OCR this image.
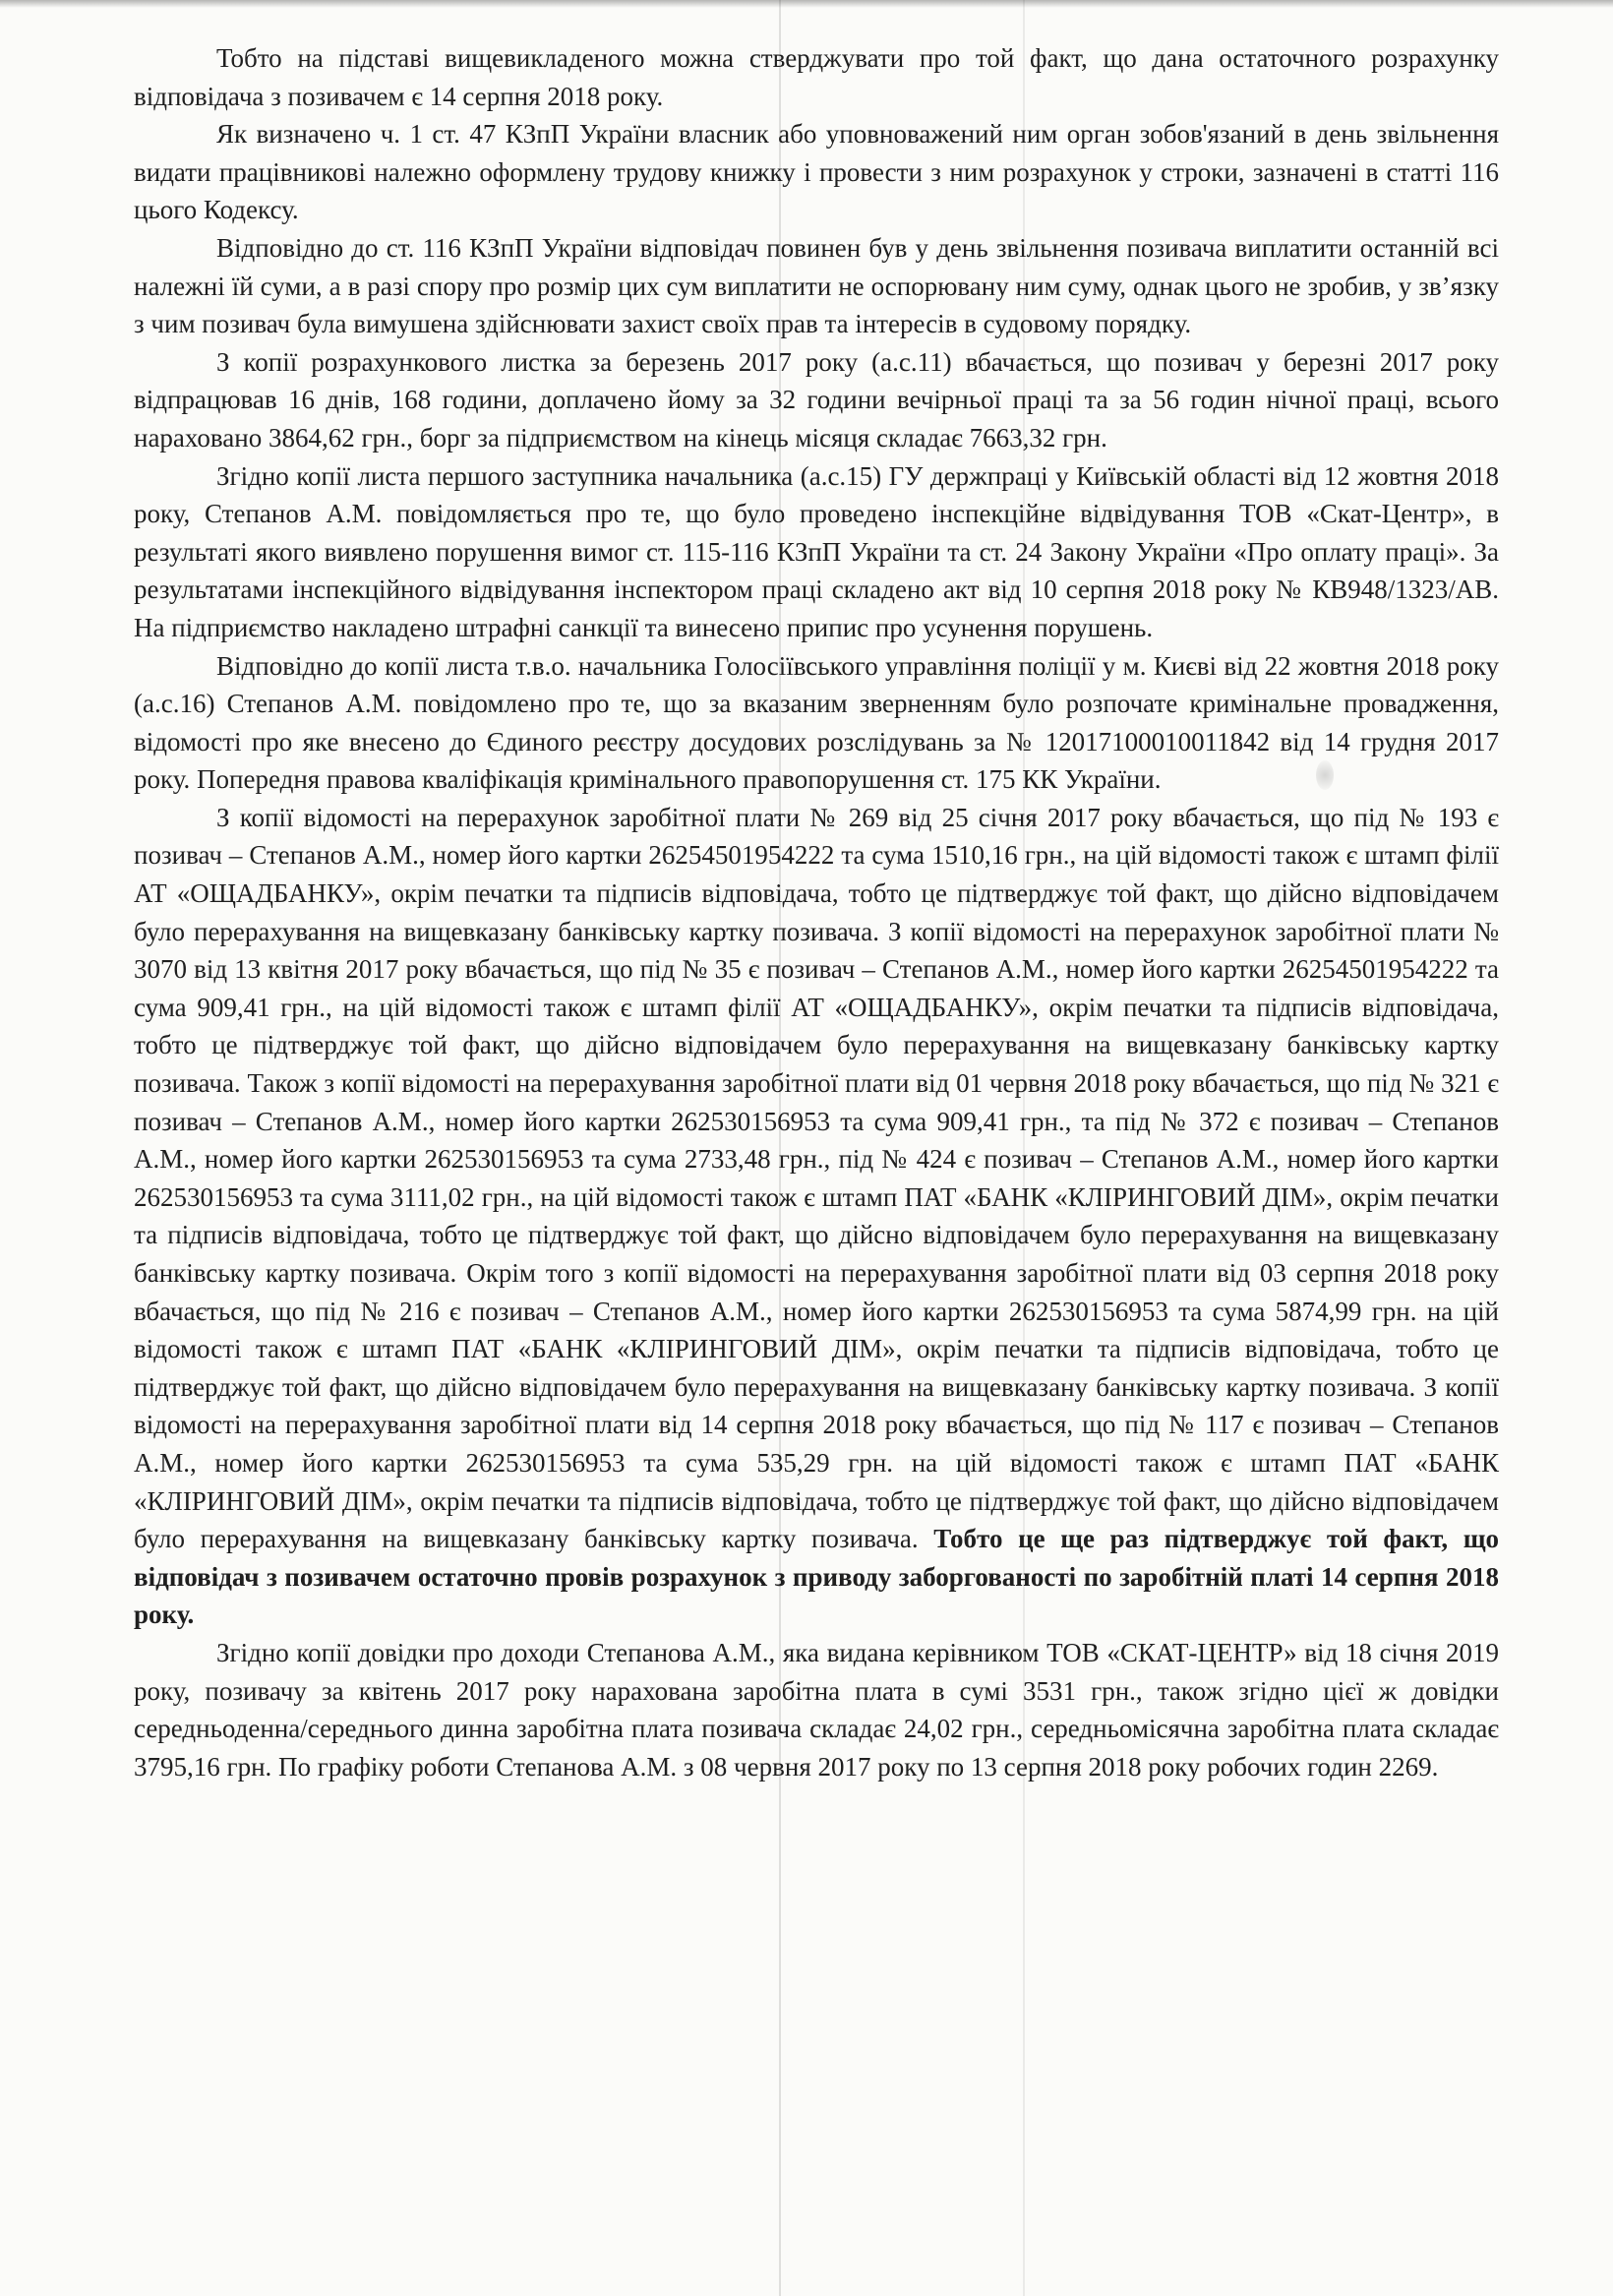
Тобто на підставі вищевикладеного можна стверджувати про той факт, що дана остаточного розрахунку відповідача з позивачем є 14 серпня 2018 року.

Як визначено ч. 1 ст. 47 КЗпП України власник або уповноважений ним орган зобов'язаний в день звільнення видати працівникові належно оформлену трудову книжку і провести з ним розрахунок у строки, зазначені в статті 116 цього Кодексу.

Відповідно до ст. 116 КЗпП України відповідач повинен був у день звільнення позивача виплатити останній всі належні їй суми, а в разі спору про розмір цих сум виплатити не оспорювану ним суму, однак цього не зробив, у зв’язку з чим позивач була вимушена здійснювати захист своїх прав та інтересів в судовому порядку.

З копії розрахункового листка за березень 2017 року (а.с.11) вбачається, що позивач у березні 2017 року відпрацював 16 днів, 168 години, доплачено йому за 32 години вечірньої праці та за 56 годин нічної праці, всього нараховано 3864,62 грн., борг за підприємством на кінець місяця складає 7663,32 грн.

Згідно копії листа першого заступника начальника (а.с.15) ГУ держпраці у Київській області від 12 жовтня 2018 року, Степанов А.М. повідомляється про те, що було проведено інспекційне відвідування ТОВ «Скат-Центр», в результаті якого виявлено порушення вимог ст. 115-116 КЗпП України та ст. 24 Закону України «Про оплату праці». За результатами інспекційного відвідування інспектором праці складено акт від 10 серпня 2018 року № КВ948/1323/АВ. На підприємство накладено штрафні санкції та винесено припис про усунення порушень.

Відповідно до копії листа т.в.о. начальника Голосіївського управління поліції у м. Києві від 22 жовтня 2018 року (а.с.16) Степанов А.М. повідомлено про те, що за вказаним зверненням було розпочате кримінальне провадження, відомості про яке внесено до Єдиного реєстру досудових розслідувань за № 12017100010011842 від 14 грудня 2017 року. Попередня правова кваліфікація кримінального правопорушення ст. 175 КК України.

З копії відомості на перерахунок заробітної плати № 269 від 25 січня 2017 року вбачається, що під № 193 є позивач – Степанов А.М., номер його картки 26254501954222 та сума 1510,16 грн., на цій відомості також є штамп філії АТ «ОЩАДБАНКУ», окрім печатки та підписів відповідача, тобто це підтверджує той факт, що дійсно відповідачем було перерахування на вищевказану банківську картку позивача. З копії відомості на перерахунок заробітної плати № 3070 від 13 квітня 2017 року вбачається, що під № 35 є позивач – Степанов А.М., номер його картки 26254501954222 та сума 909,41 грн., на цій відомості також є штамп філії АТ «ОЩАДБАНКУ», окрім печатки та підписів відповідача, тобто це підтверджує той факт, що дійсно відповідачем було перерахування на вищевказану банківську картку позивача. Також з копії відомості на перерахування заробітної плати від 01 червня 2018 року вбачається, що під № 321 є позивач – Степанов А.М., номер його картки 262530156953 та сума 909,41 грн., та під № 372 є позивач – Степанов А.М., номер його картки 262530156953 та сума 2733,48 грн., під № 424 є позивач – Степанов А.М., номер його картки 262530156953 та сума 3111,02 грн., на цій відомості також є штамп ПАТ «БАНК «КЛІРИНГОВИЙ ДІМ», окрім печатки та підписів відповідача, тобто це підтверджує той факт, що дійсно відповідачем було перерахування на вищевказану банківську картку позивача. Окрім того з копії відомості на перерахування заробітної плати від 03 серпня 2018 року вбачається, що під № 216 є позивач – Степанов А.М., номер його картки 262530156953 та сума 5874,99 грн. на цій відомості також є штамп ПАТ «БАНК «КЛІРИНГОВИЙ ДІМ», окрім печатки та підписів відповідача, тобто це підтверджує той факт, що дійсно відповідачем було перерахування на вищевказану банківську картку позивача. З копії відомості на перерахування заробітної плати від 14 серпня 2018 року вбачається, що під № 117 є позивач – Степанов А.М., номер його картки 262530156953 та сума 535,29 грн. на цій відомості також є штамп ПАТ «БАНК «КЛІРИНГОВИЙ ДІМ», окрім печатки та підписів відповідача, тобто це підтверджує той факт, що дійсно відповідачем було перерахування на вищевказану банківську картку позивача. Тобто це ще раз підтверджує той факт, що відповідач з позивачем остаточно провів розрахунок з приводу заборгованості по заробітній платі 14 серпня 2018 року.

Згідно копії довідки про доходи Степанова А.М., яка видана керівником ТОВ «СКАТ-ЦЕНТР» від 18 січня 2019 року, позивачу за квітень 2017 року нарахована заробітна плата в сумі 3531 грн., також згідно цієї ж довідки середньоденна/середнього динна заробітна плата позивача складає 24,02 грн., середньомісячна заробітна плата складає 3795,16 грн. По графіку роботи Степанова А.М. з 08 червня 2017 року по 13 серпня 2018 року робочих годин 2269.
